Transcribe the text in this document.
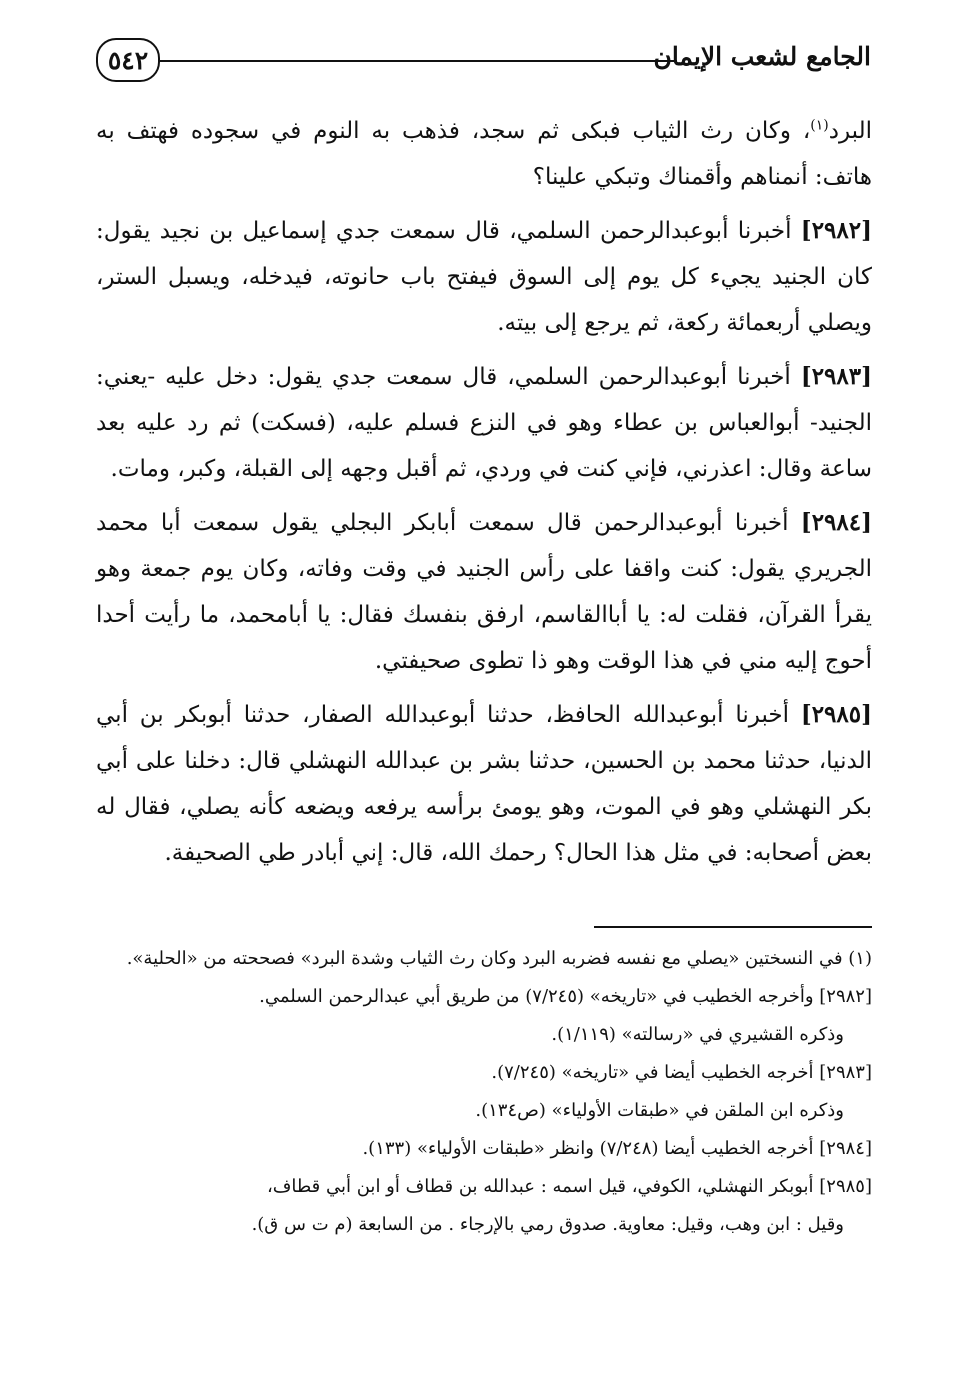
٥٤٢	الجامع لشعب الإيمان

البرد$^{(١)}$، وكان رث الثياب فبكى ثم سجد، فذهب به النوم في سجوده فهتف به هاتف: أنمناهم وأقمناك وتبكي علينا؟

[٢٩٨٢] أخبرنا أبوعبدالرحمن السلمي، قال سمعت جدي إسماعيل بن نجيد يقول: كان الجنيد يجيء كل يوم إلى السوق فيفتح باب حانوته، فيدخله، ويسبل الستر، ويصلي أربعمائة ركعة، ثم يرجع إلى بيته.

[٢٩٨٣] أخبرنا أبوعبدالرحمن السلمي، قال سمعت جدي يقول: دخل عليه -يعني: الجنيد- أبوالعباس بن عطاء وهو في النزع فسلم عليه، (فسكت) ثم رد عليه بعد ساعة وقال: اعذرني، فإني كنت في وردي، ثم أقبل وجهه إلى القبلة، وكبر، ومات.

[٢٩٨٤] أخبرنا أبوعبدالرحمن قال سمعت أبابكر البجلي يقول سمعت أبا محمد الجريري يقول: كنت واقفا على رأس الجنيد في وقت وفاته، وكان يوم جمعة وهو يقرأ القرآن، فقلت له: يا أباالقاسم، ارفق بنفسك فقال: يا أبامحمد، ما رأيت أحدا أحوج إليه مني في هذا الوقت وهو ذا تطوى صحيفتي.

[٢٩٨٥] أخبرنا أبوعبدالله الحافظ، حدثنا أبوعبدالله الصفار، حدثنا أبوبكر بن أبي الدنيا، حدثنا محمد بن الحسين، حدثنا بشر بن عبدالله النهشلي قال: دخلنا على أبي بكر النهشلي وهو في الموت، وهو يومئ برأسه يرفعه ويضعه كأنه يصلي، فقال له بعض أصحابه: في مثل هذا الحال؟ رحمك الله، قال: إني أبادر طي الصحيفة.

(١) في النسختين «يصلي مع نفسه فضربه البرد وكان رث الثياب وشدة البرد» فصححته من «الحلية».

[٢٩٨٢] وأخرجه الخطيب في «تاريخه» (٧/٢٤٥) من طريق أبي عبدالرحمن السلمي.

وذكره القشيري في «رسالته» (١/١١٩).

[٢٩٨٣] أخرجه الخطيب أيضا في «تاريخه» (٧/٢٤٥).

وذكره ابن الملقن في «طبقات الأولياء» (ص١٣٤).

[٢٩٨٤] أخرجه الخطيب أيضا (٧/٢٤٨) وانظر «طبقات الأولياء» (١٣٣).

[٢٩٨٥] أبوبكر النهشلي، الكوفي، قيل اسمه : عبدالله بن قطاف أو ابن أبي قطاف،

وقيل : ابن وهب، وقيل: معاوية. صدوق رمي بالإرجاء . من السابعة (م ت س ق).
